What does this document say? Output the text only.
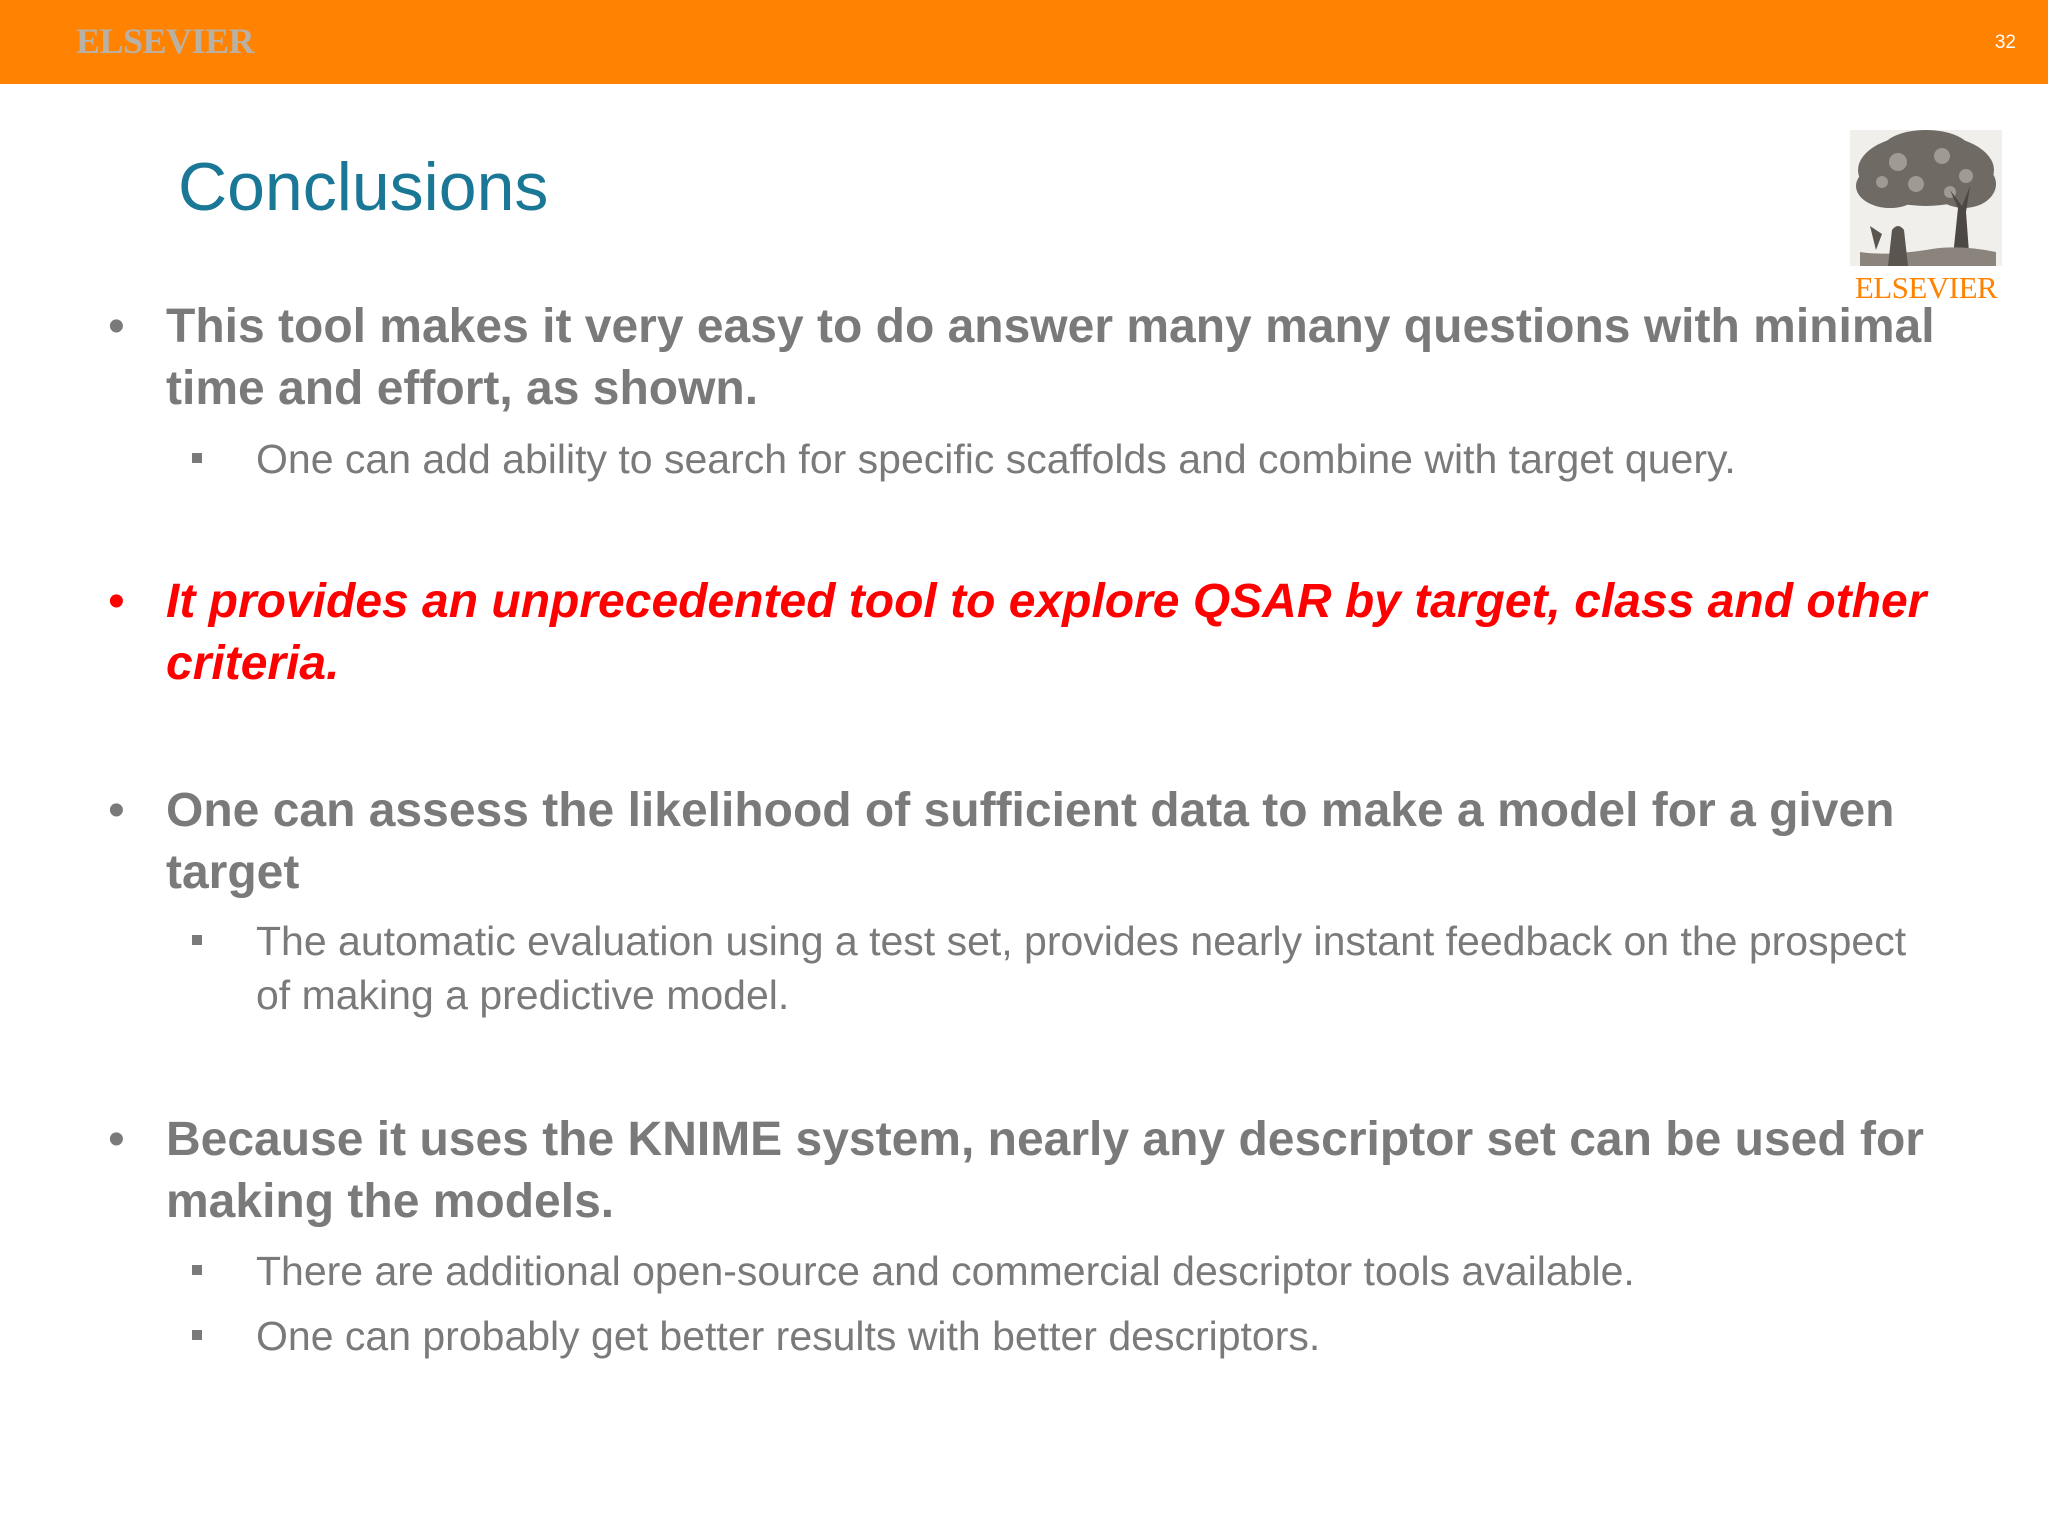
ELSEVIER	32
ELSEVIER
Conclusions
• This tool makes it very easy to do answer many many questions with minimal time and effort, as shown.
One can add ability to search for specific scaffolds and combine with target query.
• It provides an unprecedented tool to explore QSAR by target, class and other criteria.
• One can assess the likelihood of sufficient data to make a model for a given target
The automatic evaluation using a test set, provides nearly instant feedback on the prospect of making a predictive model.
• Because it uses the KNIME system, nearly any descriptor set can be used for making the models.
There are additional open-source and commercial descriptor tools available.
One can probably get better results with better descriptors.
